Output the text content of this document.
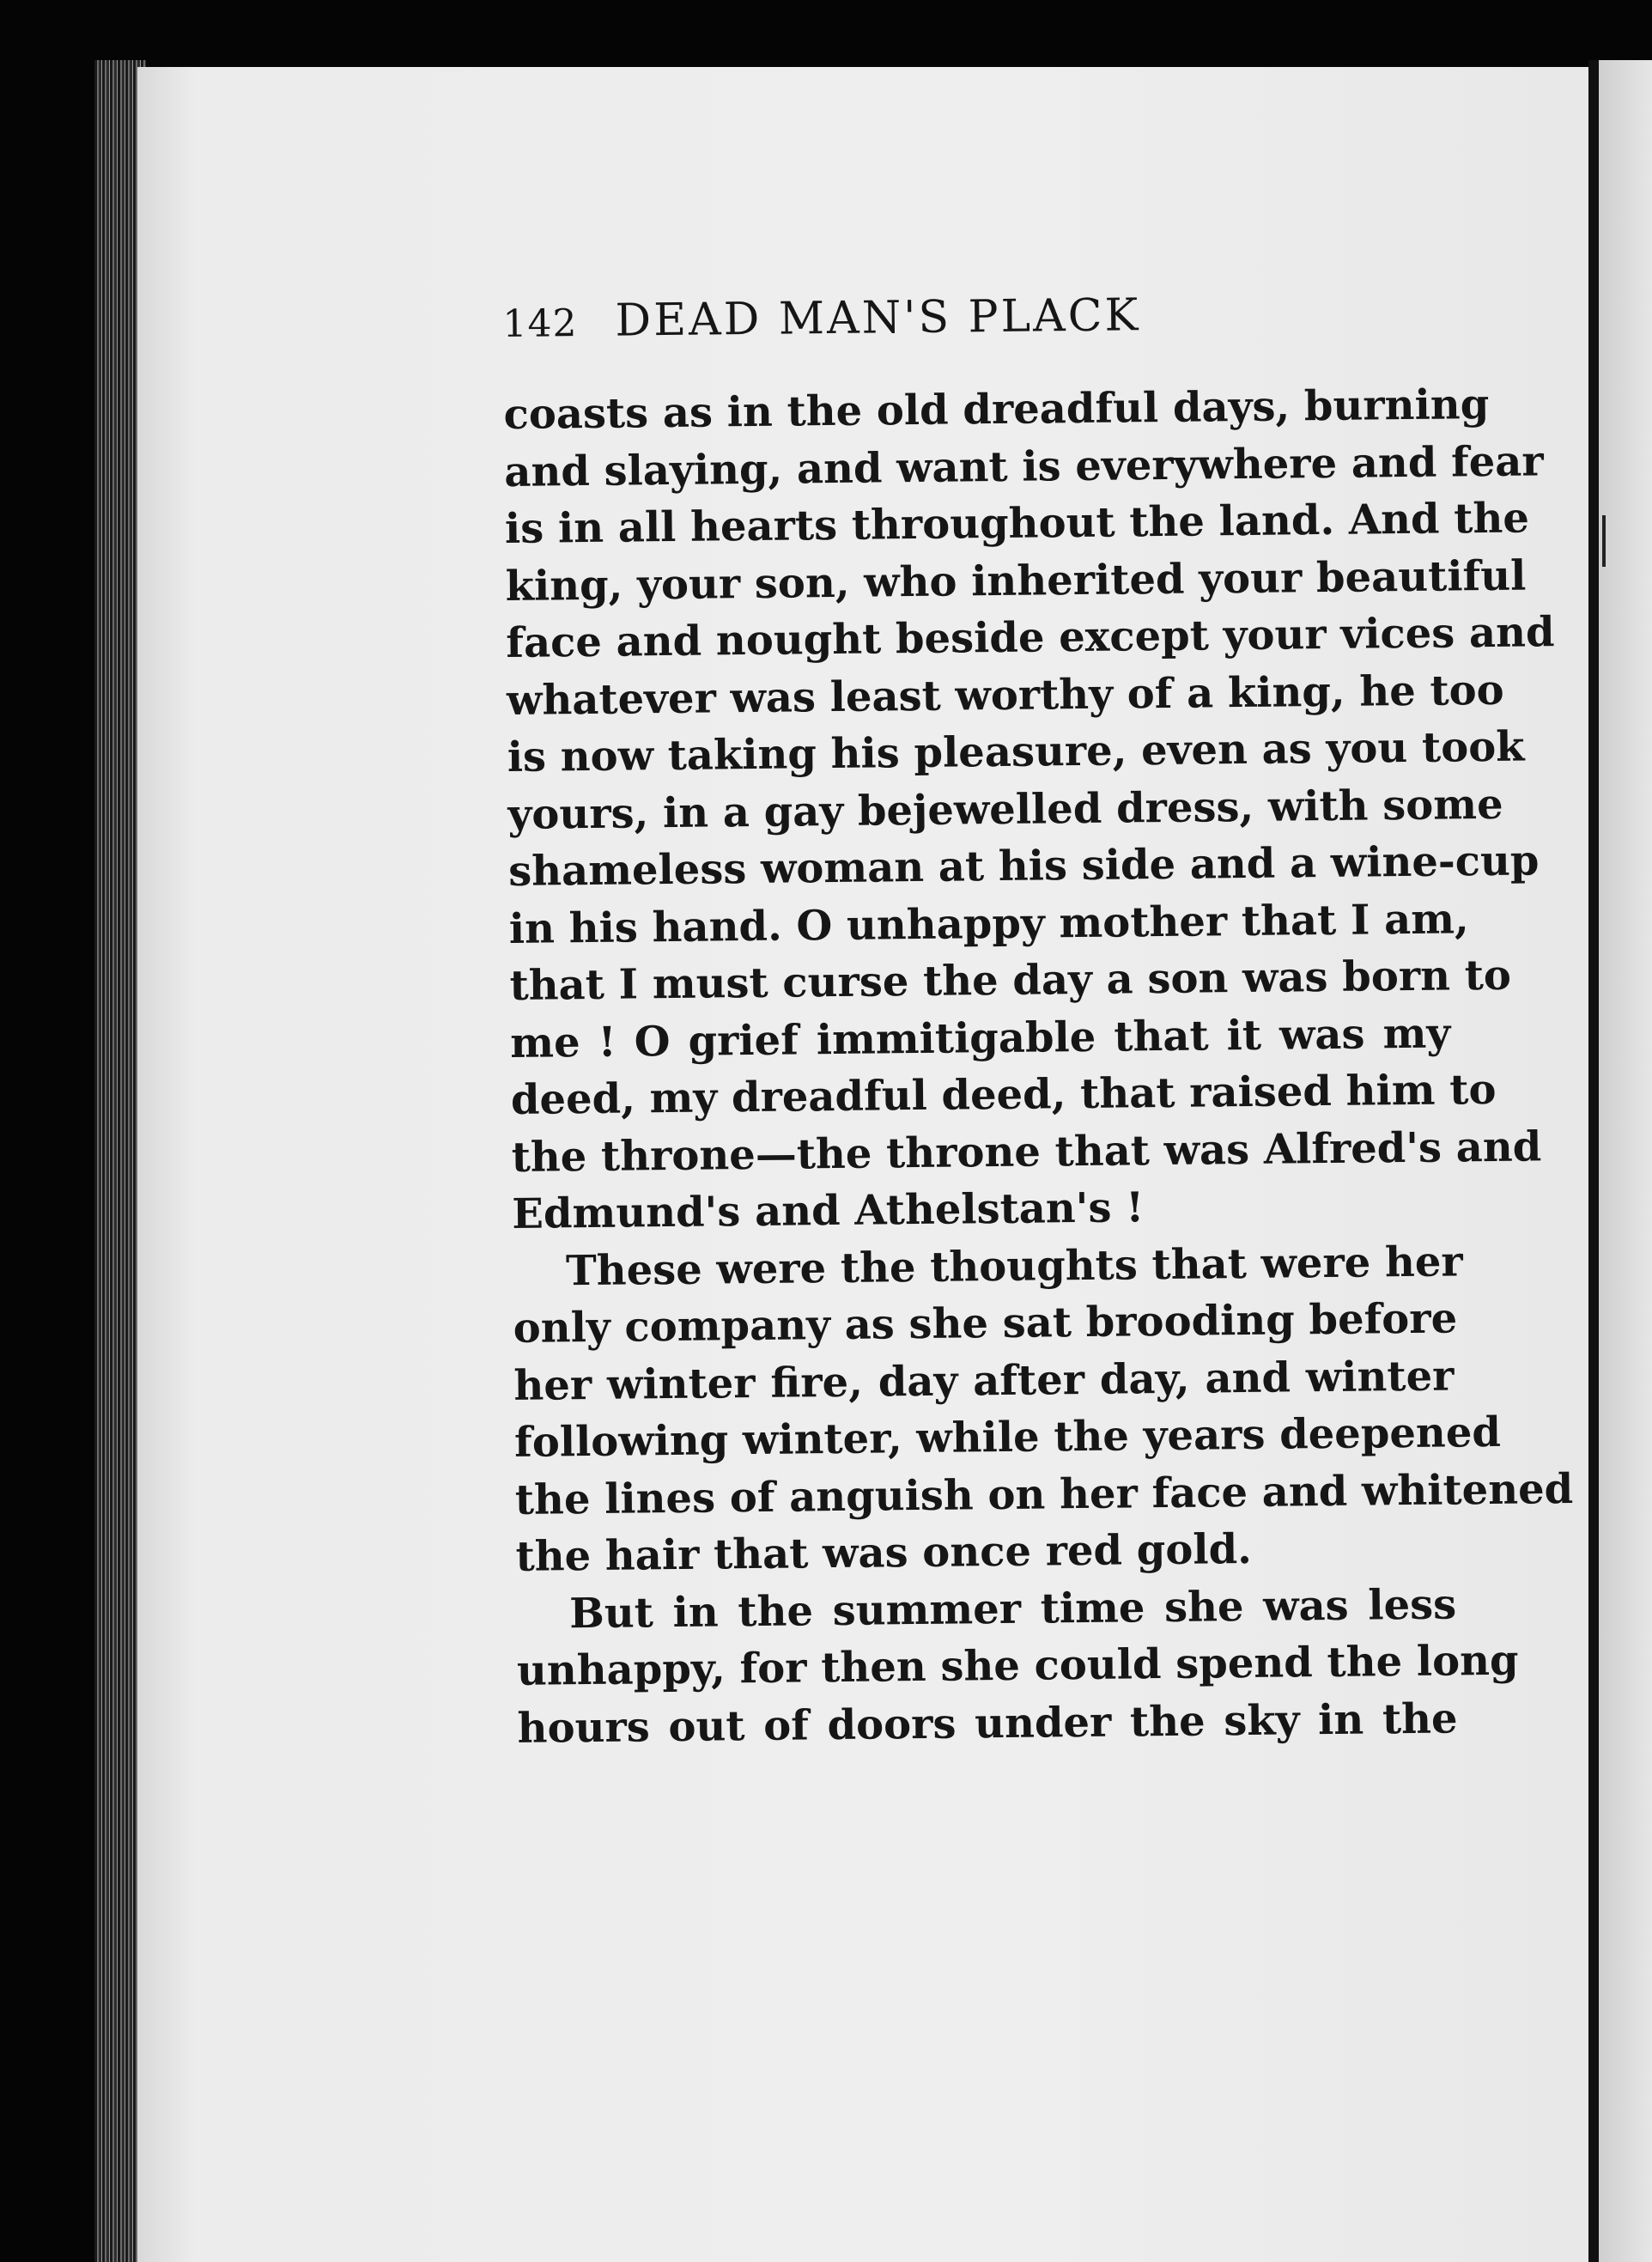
142 DEAD MAN'S PLACK
coasts as in the old dreadful days, burning
and slaying, and want is everywhere and fear
is in all hearts throughout the land. And the
king, your son, who inherited your beautiful
face and nought beside except your vices and
whatever was least worthy of a king, he too
is now taking his pleasure, even as you took
yours, in a gay bejewelled dress, with some
shameless woman at his side and a wine-cup
in his hand. O unhappy mother that I am,
that I must curse the day a son was born to
me ! O grief immitigable that it was my
deed, my dreadful deed, that raised him to
the throne—the throne that was Alfred's and
Edmund's and Athelstan's !
These were the thoughts that were her
only company as she sat brooding before
her winter fire, day after day, and winter
following winter, while the years deepened
the lines of anguish on her face and whitened
the hair that was once red gold.
But in the summer time she was less
unhappy, for then she could spend the long
hours out of doors under the sky in the
